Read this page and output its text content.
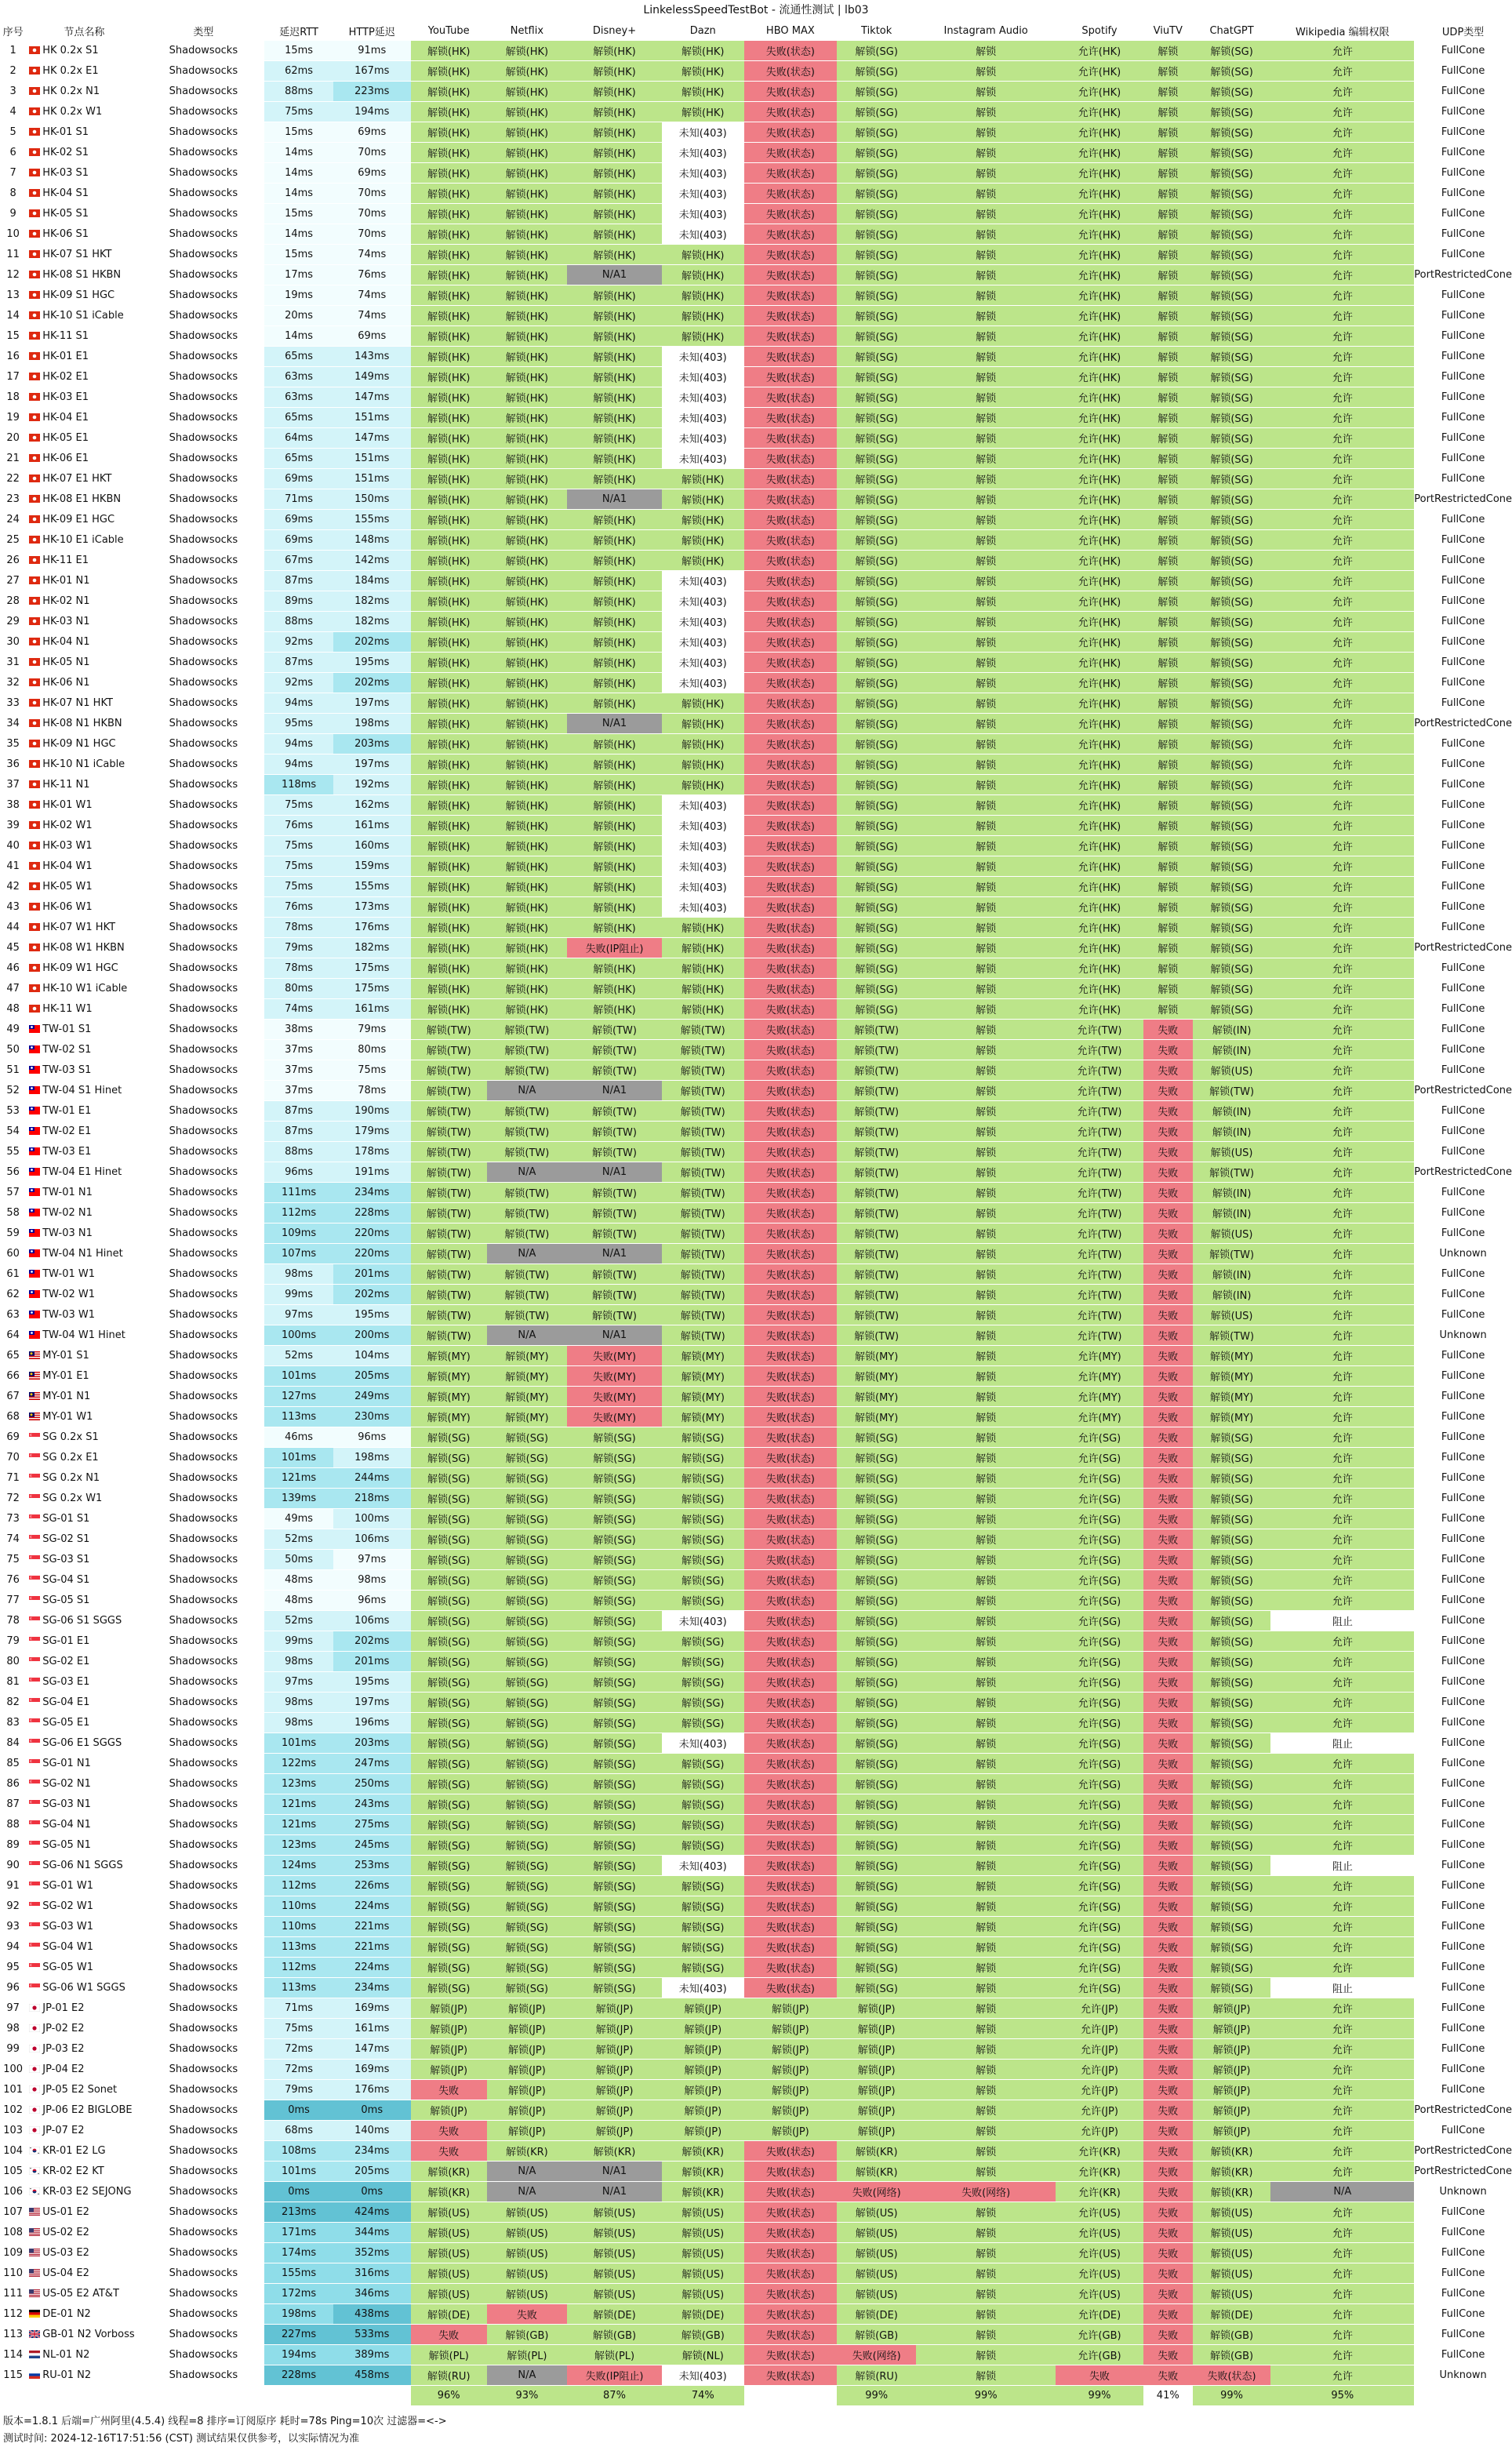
LinkelessSpeedTestBot - 流通性测试 | lb03
序号	节点名称	类型	延迟RTT	HTTP延迟	YouTube	Netflix	Disney+	Dazn	HBO MAX	Tiktok	Instagram Audio	Spotify	ViuTV	ChatGPT	Wikipedia 编辑权限	UDP类型
1	HK 0.2x S1	Shadowsocks	15ms	91ms	解锁(HK)	解锁(HK)	解锁(HK)	解锁(HK)	失败(状态)	解锁(SG)	解锁	允许(HK)	解锁	解锁(SG)	允许	FullCone
2	HK 0.2x E1	Shadowsocks	62ms	167ms	解锁(HK)	解锁(HK)	解锁(HK)	解锁(HK)	失败(状态)	解锁(SG)	解锁	允许(HK)	解锁	解锁(SG)	允许	FullCone
3	HK 0.2x N1	Shadowsocks	88ms	223ms	解锁(HK)	解锁(HK)	解锁(HK)	解锁(HK)	失败(状态)	解锁(SG)	解锁	允许(HK)	解锁	解锁(SG)	允许	FullCone
4	HK 0.2x W1	Shadowsocks	75ms	194ms	解锁(HK)	解锁(HK)	解锁(HK)	解锁(HK)	失败(状态)	解锁(SG)	解锁	允许(HK)	解锁	解锁(SG)	允许	FullCone
5	HK-01 S1	Shadowsocks	15ms	69ms	解锁(HK)	解锁(HK)	解锁(HK)	未知(403)	失败(状态)	解锁(SG)	解锁	允许(HK)	解锁	解锁(SG)	允许	FullCone
6	HK-02 S1	Shadowsocks	14ms	70ms	解锁(HK)	解锁(HK)	解锁(HK)	未知(403)	失败(状态)	解锁(SG)	解锁	允许(HK)	解锁	解锁(SG)	允许	FullCone
7	HK-03 S1	Shadowsocks	14ms	69ms	解锁(HK)	解锁(HK)	解锁(HK)	未知(403)	失败(状态)	解锁(SG)	解锁	允许(HK)	解锁	解锁(SG)	允许	FullCone
8	HK-04 S1	Shadowsocks	14ms	70ms	解锁(HK)	解锁(HK)	解锁(HK)	未知(403)	失败(状态)	解锁(SG)	解锁	允许(HK)	解锁	解锁(SG)	允许	FullCone
9	HK-05 S1	Shadowsocks	15ms	70ms	解锁(HK)	解锁(HK)	解锁(HK)	未知(403)	失败(状态)	解锁(SG)	解锁	允许(HK)	解锁	解锁(SG)	允许	FullCone
10	HK-06 S1	Shadowsocks	14ms	70ms	解锁(HK)	解锁(HK)	解锁(HK)	未知(403)	失败(状态)	解锁(SG)	解锁	允许(HK)	解锁	解锁(SG)	允许	FullCone
11	HK-07 S1 HKT	Shadowsocks	15ms	74ms	解锁(HK)	解锁(HK)	解锁(HK)	解锁(HK)	失败(状态)	解锁(SG)	解锁	允许(HK)	解锁	解锁(SG)	允许	FullCone
12	HK-08 S1 HKBN	Shadowsocks	17ms	76ms	解锁(HK)	解锁(HK)	N/A1	解锁(HK)	失败(状态)	解锁(SG)	解锁	允许(HK)	解锁	解锁(SG)	允许	PortRestrictedCone
13	HK-09 S1 HGC	Shadowsocks	19ms	74ms	解锁(HK)	解锁(HK)	解锁(HK)	解锁(HK)	失败(状态)	解锁(SG)	解锁	允许(HK)	解锁	解锁(SG)	允许	FullCone
14	HK-10 S1 iCable	Shadowsocks	20ms	74ms	解锁(HK)	解锁(HK)	解锁(HK)	解锁(HK)	失败(状态)	解锁(SG)	解锁	允许(HK)	解锁	解锁(SG)	允许	FullCone
15	HK-11 S1	Shadowsocks	14ms	69ms	解锁(HK)	解锁(HK)	解锁(HK)	解锁(HK)	失败(状态)	解锁(SG)	解锁	允许(HK)	解锁	解锁(SG)	允许	FullCone
16	HK-01 E1	Shadowsocks	65ms	143ms	解锁(HK)	解锁(HK)	解锁(HK)	未知(403)	失败(状态)	解锁(SG)	解锁	允许(HK)	解锁	解锁(SG)	允许	FullCone
17	HK-02 E1	Shadowsocks	63ms	149ms	解锁(HK)	解锁(HK)	解锁(HK)	未知(403)	失败(状态)	解锁(SG)	解锁	允许(HK)	解锁	解锁(SG)	允许	FullCone
18	HK-03 E1	Shadowsocks	63ms	147ms	解锁(HK)	解锁(HK)	解锁(HK)	未知(403)	失败(状态)	解锁(SG)	解锁	允许(HK)	解锁	解锁(SG)	允许	FullCone
19	HK-04 E1	Shadowsocks	65ms	151ms	解锁(HK)	解锁(HK)	解锁(HK)	未知(403)	失败(状态)	解锁(SG)	解锁	允许(HK)	解锁	解锁(SG)	允许	FullCone
20	HK-05 E1	Shadowsocks	64ms	147ms	解锁(HK)	解锁(HK)	解锁(HK)	未知(403)	失败(状态)	解锁(SG)	解锁	允许(HK)	解锁	解锁(SG)	允许	FullCone
21	HK-06 E1	Shadowsocks	65ms	151ms	解锁(HK)	解锁(HK)	解锁(HK)	未知(403)	失败(状态)	解锁(SG)	解锁	允许(HK)	解锁	解锁(SG)	允许	FullCone
22	HK-07 E1 HKT	Shadowsocks	69ms	151ms	解锁(HK)	解锁(HK)	解锁(HK)	解锁(HK)	失败(状态)	解锁(SG)	解锁	允许(HK)	解锁	解锁(SG)	允许	FullCone
23	HK-08 E1 HKBN	Shadowsocks	71ms	150ms	解锁(HK)	解锁(HK)	N/A1	解锁(HK)	失败(状态)	解锁(SG)	解锁	允许(HK)	解锁	解锁(SG)	允许	PortRestrictedCone
24	HK-09 E1 HGC	Shadowsocks	69ms	155ms	解锁(HK)	解锁(HK)	解锁(HK)	解锁(HK)	失败(状态)	解锁(SG)	解锁	允许(HK)	解锁	解锁(SG)	允许	FullCone
25	HK-10 E1 iCable	Shadowsocks	69ms	148ms	解锁(HK)	解锁(HK)	解锁(HK)	解锁(HK)	失败(状态)	解锁(SG)	解锁	允许(HK)	解锁	解锁(SG)	允许	FullCone
26	HK-11 E1	Shadowsocks	67ms	142ms	解锁(HK)	解锁(HK)	解锁(HK)	解锁(HK)	失败(状态)	解锁(SG)	解锁	允许(HK)	解锁	解锁(SG)	允许	FullCone
27	HK-01 N1	Shadowsocks	87ms	184ms	解锁(HK)	解锁(HK)	解锁(HK)	未知(403)	失败(状态)	解锁(SG)	解锁	允许(HK)	解锁	解锁(SG)	允许	FullCone
28	HK-02 N1	Shadowsocks	89ms	182ms	解锁(HK)	解锁(HK)	解锁(HK)	未知(403)	失败(状态)	解锁(SG)	解锁	允许(HK)	解锁	解锁(SG)	允许	FullCone
29	HK-03 N1	Shadowsocks	88ms	182ms	解锁(HK)	解锁(HK)	解锁(HK)	未知(403)	失败(状态)	解锁(SG)	解锁	允许(HK)	解锁	解锁(SG)	允许	FullCone
30	HK-04 N1	Shadowsocks	92ms	202ms	解锁(HK)	解锁(HK)	解锁(HK)	未知(403)	失败(状态)	解锁(SG)	解锁	允许(HK)	解锁	解锁(SG)	允许	FullCone
31	HK-05 N1	Shadowsocks	87ms	195ms	解锁(HK)	解锁(HK)	解锁(HK)	未知(403)	失败(状态)	解锁(SG)	解锁	允许(HK)	解锁	解锁(SG)	允许	FullCone
32	HK-06 N1	Shadowsocks	92ms	202ms	解锁(HK)	解锁(HK)	解锁(HK)	未知(403)	失败(状态)	解锁(SG)	解锁	允许(HK)	解锁	解锁(SG)	允许	FullCone
33	HK-07 N1 HKT	Shadowsocks	94ms	197ms	解锁(HK)	解锁(HK)	解锁(HK)	解锁(HK)	失败(状态)	解锁(SG)	解锁	允许(HK)	解锁	解锁(SG)	允许	FullCone
34	HK-08 N1 HKBN	Shadowsocks	95ms	198ms	解锁(HK)	解锁(HK)	N/A1	解锁(HK)	失败(状态)	解锁(SG)	解锁	允许(HK)	解锁	解锁(SG)	允许	PortRestrictedCone
35	HK-09 N1 HGC	Shadowsocks	94ms	203ms	解锁(HK)	解锁(HK)	解锁(HK)	解锁(HK)	失败(状态)	解锁(SG)	解锁	允许(HK)	解锁	解锁(SG)	允许	FullCone
36	HK-10 N1 iCable	Shadowsocks	94ms	197ms	解锁(HK)	解锁(HK)	解锁(HK)	解锁(HK)	失败(状态)	解锁(SG)	解锁	允许(HK)	解锁	解锁(SG)	允许	FullCone
37	HK-11 N1	Shadowsocks	118ms	192ms	解锁(HK)	解锁(HK)	解锁(HK)	解锁(HK)	失败(状态)	解锁(SG)	解锁	允许(HK)	解锁	解锁(SG)	允许	FullCone
38	HK-01 W1	Shadowsocks	75ms	162ms	解锁(HK)	解锁(HK)	解锁(HK)	未知(403)	失败(状态)	解锁(SG)	解锁	允许(HK)	解锁	解锁(SG)	允许	FullCone
39	HK-02 W1	Shadowsocks	76ms	161ms	解锁(HK)	解锁(HK)	解锁(HK)	未知(403)	失败(状态)	解锁(SG)	解锁	允许(HK)	解锁	解锁(SG)	允许	FullCone
40	HK-03 W1	Shadowsocks	75ms	160ms	解锁(HK)	解锁(HK)	解锁(HK)	未知(403)	失败(状态)	解锁(SG)	解锁	允许(HK)	解锁	解锁(SG)	允许	FullCone
41	HK-04 W1	Shadowsocks	75ms	159ms	解锁(HK)	解锁(HK)	解锁(HK)	未知(403)	失败(状态)	解锁(SG)	解锁	允许(HK)	解锁	解锁(SG)	允许	FullCone
42	HK-05 W1	Shadowsocks	75ms	155ms	解锁(HK)	解锁(HK)	解锁(HK)	未知(403)	失败(状态)	解锁(SG)	解锁	允许(HK)	解锁	解锁(SG)	允许	FullCone
43	HK-06 W1	Shadowsocks	76ms	173ms	解锁(HK)	解锁(HK)	解锁(HK)	未知(403)	失败(状态)	解锁(SG)	解锁	允许(HK)	解锁	解锁(SG)	允许	FullCone
44	HK-07 W1 HKT	Shadowsocks	78ms	176ms	解锁(HK)	解锁(HK)	解锁(HK)	解锁(HK)	失败(状态)	解锁(SG)	解锁	允许(HK)	解锁	解锁(SG)	允许	FullCone
45	HK-08 W1 HKBN	Shadowsocks	79ms	182ms	解锁(HK)	解锁(HK)	失败(IP阻止)	解锁(HK)	失败(状态)	解锁(SG)	解锁	允许(HK)	解锁	解锁(SG)	允许	PortRestrictedCone
46	HK-09 W1 HGC	Shadowsocks	78ms	175ms	解锁(HK)	解锁(HK)	解锁(HK)	解锁(HK)	失败(状态)	解锁(SG)	解锁	允许(HK)	解锁	解锁(SG)	允许	FullCone
47	HK-10 W1 iCable	Shadowsocks	80ms	175ms	解锁(HK)	解锁(HK)	解锁(HK)	解锁(HK)	失败(状态)	解锁(SG)	解锁	允许(HK)	解锁	解锁(SG)	允许	FullCone
48	HK-11 W1	Shadowsocks	74ms	161ms	解锁(HK)	解锁(HK)	解锁(HK)	解锁(HK)	失败(状态)	解锁(SG)	解锁	允许(HK)	解锁	解锁(SG)	允许	FullCone
49	TW-01 S1	Shadowsocks	38ms	79ms	解锁(TW)	解锁(TW)	解锁(TW)	解锁(TW)	失败(状态)	解锁(TW)	解锁	允许(TW)	失败	解锁(IN)	允许	FullCone
50	TW-02 S1	Shadowsocks	37ms	80ms	解锁(TW)	解锁(TW)	解锁(TW)	解锁(TW)	失败(状态)	解锁(TW)	解锁	允许(TW)	失败	解锁(IN)	允许	FullCone
51	TW-03 S1	Shadowsocks	37ms	75ms	解锁(TW)	解锁(TW)	解锁(TW)	解锁(TW)	失败(状态)	解锁(TW)	解锁	允许(TW)	失败	解锁(US)	允许	FullCone
52	TW-04 S1 Hinet	Shadowsocks	37ms	78ms	解锁(TW)	N/A	N/A1	解锁(TW)	失败(状态)	解锁(TW)	解锁	允许(TW)	失败	解锁(TW)	允许	PortRestrictedCone
53	TW-01 E1	Shadowsocks	87ms	190ms	解锁(TW)	解锁(TW)	解锁(TW)	解锁(TW)	失败(状态)	解锁(TW)	解锁	允许(TW)	失败	解锁(IN)	允许	FullCone
54	TW-02 E1	Shadowsocks	87ms	179ms	解锁(TW)	解锁(TW)	解锁(TW)	解锁(TW)	失败(状态)	解锁(TW)	解锁	允许(TW)	失败	解锁(IN)	允许	FullCone
55	TW-03 E1	Shadowsocks	88ms	178ms	解锁(TW)	解锁(TW)	解锁(TW)	解锁(TW)	失败(状态)	解锁(TW)	解锁	允许(TW)	失败	解锁(US)	允许	FullCone
56	TW-04 E1 Hinet	Shadowsocks	96ms	191ms	解锁(TW)	N/A	N/A1	解锁(TW)	失败(状态)	解锁(TW)	解锁	允许(TW)	失败	解锁(TW)	允许	PortRestrictedCone
57	TW-01 N1	Shadowsocks	111ms	234ms	解锁(TW)	解锁(TW)	解锁(TW)	解锁(TW)	失败(状态)	解锁(TW)	解锁	允许(TW)	失败	解锁(IN)	允许	FullCone
58	TW-02 N1	Shadowsocks	112ms	228ms	解锁(TW)	解锁(TW)	解锁(TW)	解锁(TW)	失败(状态)	解锁(TW)	解锁	允许(TW)	失败	解锁(IN)	允许	FullCone
59	TW-03 N1	Shadowsocks	109ms	220ms	解锁(TW)	解锁(TW)	解锁(TW)	解锁(TW)	失败(状态)	解锁(TW)	解锁	允许(TW)	失败	解锁(US)	允许	FullCone
60	TW-04 N1 Hinet	Shadowsocks	107ms	220ms	解锁(TW)	N/A	N/A1	解锁(TW)	失败(状态)	解锁(TW)	解锁	允许(TW)	失败	解锁(TW)	允许	Unknown
61	TW-01 W1	Shadowsocks	98ms	201ms	解锁(TW)	解锁(TW)	解锁(TW)	解锁(TW)	失败(状态)	解锁(TW)	解锁	允许(TW)	失败	解锁(IN)	允许	FullCone
62	TW-02 W1	Shadowsocks	99ms	202ms	解锁(TW)	解锁(TW)	解锁(TW)	解锁(TW)	失败(状态)	解锁(TW)	解锁	允许(TW)	失败	解锁(IN)	允许	FullCone
63	TW-03 W1	Shadowsocks	97ms	195ms	解锁(TW)	解锁(TW)	解锁(TW)	解锁(TW)	失败(状态)	解锁(TW)	解锁	允许(TW)	失败	解锁(US)	允许	FullCone
64	TW-04 W1 Hinet	Shadowsocks	100ms	200ms	解锁(TW)	N/A	N/A1	解锁(TW)	失败(状态)	解锁(TW)	解锁	允许(TW)	失败	解锁(TW)	允许	Unknown
65	MY-01 S1	Shadowsocks	52ms	104ms	解锁(MY)	解锁(MY)	失败(MY)	解锁(MY)	失败(状态)	解锁(MY)	解锁	允许(MY)	失败	解锁(MY)	允许	FullCone
66	MY-01 E1	Shadowsocks	101ms	205ms	解锁(MY)	解锁(MY)	失败(MY)	解锁(MY)	失败(状态)	解锁(MY)	解锁	允许(MY)	失败	解锁(MY)	允许	FullCone
67	MY-01 N1	Shadowsocks	127ms	249ms	解锁(MY)	解锁(MY)	失败(MY)	解锁(MY)	失败(状态)	解锁(MY)	解锁	允许(MY)	失败	解锁(MY)	允许	FullCone
68	MY-01 W1	Shadowsocks	113ms	230ms	解锁(MY)	解锁(MY)	失败(MY)	解锁(MY)	失败(状态)	解锁(MY)	解锁	允许(MY)	失败	解锁(MY)	允许	FullCone
69	SG 0.2x S1	Shadowsocks	46ms	96ms	解锁(SG)	解锁(SG)	解锁(SG)	解锁(SG)	失败(状态)	解锁(SG)	解锁	允许(SG)	失败	解锁(SG)	允许	FullCone
70	SG 0.2x E1	Shadowsocks	101ms	198ms	解锁(SG)	解锁(SG)	解锁(SG)	解锁(SG)	失败(状态)	解锁(SG)	解锁	允许(SG)	失败	解锁(SG)	允许	FullCone
71	SG 0.2x N1	Shadowsocks	121ms	244ms	解锁(SG)	解锁(SG)	解锁(SG)	解锁(SG)	失败(状态)	解锁(SG)	解锁	允许(SG)	失败	解锁(SG)	允许	FullCone
72	SG 0.2x W1	Shadowsocks	139ms	218ms	解锁(SG)	解锁(SG)	解锁(SG)	解锁(SG)	失败(状态)	解锁(SG)	解锁	允许(SG)	失败	解锁(SG)	允许	FullCone
73	SG-01 S1	Shadowsocks	49ms	100ms	解锁(SG)	解锁(SG)	解锁(SG)	解锁(SG)	失败(状态)	解锁(SG)	解锁	允许(SG)	失败	解锁(SG)	允许	FullCone
74	SG-02 S1	Shadowsocks	52ms	106ms	解锁(SG)	解锁(SG)	解锁(SG)	解锁(SG)	失败(状态)	解锁(SG)	解锁	允许(SG)	失败	解锁(SG)	允许	FullCone
75	SG-03 S1	Shadowsocks	50ms	97ms	解锁(SG)	解锁(SG)	解锁(SG)	解锁(SG)	失败(状态)	解锁(SG)	解锁	允许(SG)	失败	解锁(SG)	允许	FullCone
76	SG-04 S1	Shadowsocks	48ms	98ms	解锁(SG)	解锁(SG)	解锁(SG)	解锁(SG)	失败(状态)	解锁(SG)	解锁	允许(SG)	失败	解锁(SG)	允许	FullCone
77	SG-05 S1	Shadowsocks	48ms	96ms	解锁(SG)	解锁(SG)	解锁(SG)	解锁(SG)	失败(状态)	解锁(SG)	解锁	允许(SG)	失败	解锁(SG)	允许	FullCone
78	SG-06 S1 SGGS	Shadowsocks	52ms	106ms	解锁(SG)	解锁(SG)	解锁(SG)	未知(403)	失败(状态)	解锁(SG)	解锁	允许(SG)	失败	解锁(SG)	阻止	FullCone
79	SG-01 E1	Shadowsocks	99ms	202ms	解锁(SG)	解锁(SG)	解锁(SG)	解锁(SG)	失败(状态)	解锁(SG)	解锁	允许(SG)	失败	解锁(SG)	允许	FullCone
80	SG-02 E1	Shadowsocks	98ms	201ms	解锁(SG)	解锁(SG)	解锁(SG)	解锁(SG)	失败(状态)	解锁(SG)	解锁	允许(SG)	失败	解锁(SG)	允许	FullCone
81	SG-03 E1	Shadowsocks	97ms	195ms	解锁(SG)	解锁(SG)	解锁(SG)	解锁(SG)	失败(状态)	解锁(SG)	解锁	允许(SG)	失败	解锁(SG)	允许	FullCone
82	SG-04 E1	Shadowsocks	98ms	197ms	解锁(SG)	解锁(SG)	解锁(SG)	解锁(SG)	失败(状态)	解锁(SG)	解锁	允许(SG)	失败	解锁(SG)	允许	FullCone
83	SG-05 E1	Shadowsocks	98ms	196ms	解锁(SG)	解锁(SG)	解锁(SG)	解锁(SG)	失败(状态)	解锁(SG)	解锁	允许(SG)	失败	解锁(SG)	允许	FullCone
84	SG-06 E1 SGGS	Shadowsocks	101ms	203ms	解锁(SG)	解锁(SG)	解锁(SG)	未知(403)	失败(状态)	解锁(SG)	解锁	允许(SG)	失败	解锁(SG)	阻止	FullCone
85	SG-01 N1	Shadowsocks	122ms	247ms	解锁(SG)	解锁(SG)	解锁(SG)	解锁(SG)	失败(状态)	解锁(SG)	解锁	允许(SG)	失败	解锁(SG)	允许	FullCone
86	SG-02 N1	Shadowsocks	123ms	250ms	解锁(SG)	解锁(SG)	解锁(SG)	解锁(SG)	失败(状态)	解锁(SG)	解锁	允许(SG)	失败	解锁(SG)	允许	FullCone
87	SG-03 N1	Shadowsocks	121ms	243ms	解锁(SG)	解锁(SG)	解锁(SG)	解锁(SG)	失败(状态)	解锁(SG)	解锁	允许(SG)	失败	解锁(SG)	允许	FullCone
88	SG-04 N1	Shadowsocks	121ms	275ms	解锁(SG)	解锁(SG)	解锁(SG)	解锁(SG)	失败(状态)	解锁(SG)	解锁	允许(SG)	失败	解锁(SG)	允许	FullCone
89	SG-05 N1	Shadowsocks	123ms	245ms	解锁(SG)	解锁(SG)	解锁(SG)	解锁(SG)	失败(状态)	解锁(SG)	解锁	允许(SG)	失败	解锁(SG)	允许	FullCone
90	SG-06 N1 SGGS	Shadowsocks	124ms	253ms	解锁(SG)	解锁(SG)	解锁(SG)	未知(403)	失败(状态)	解锁(SG)	解锁	允许(SG)	失败	解锁(SG)	阻止	FullCone
91	SG-01 W1	Shadowsocks	112ms	226ms	解锁(SG)	解锁(SG)	解锁(SG)	解锁(SG)	失败(状态)	解锁(SG)	解锁	允许(SG)	失败	解锁(SG)	允许	FullCone
92	SG-02 W1	Shadowsocks	110ms	224ms	解锁(SG)	解锁(SG)	解锁(SG)	解锁(SG)	失败(状态)	解锁(SG)	解锁	允许(SG)	失败	解锁(SG)	允许	FullCone
93	SG-03 W1	Shadowsocks	110ms	221ms	解锁(SG)	解锁(SG)	解锁(SG)	解锁(SG)	失败(状态)	解锁(SG)	解锁	允许(SG)	失败	解锁(SG)	允许	FullCone
94	SG-04 W1	Shadowsocks	113ms	221ms	解锁(SG)	解锁(SG)	解锁(SG)	解锁(SG)	失败(状态)	解锁(SG)	解锁	允许(SG)	失败	解锁(SG)	允许	FullCone
95	SG-05 W1	Shadowsocks	112ms	224ms	解锁(SG)	解锁(SG)	解锁(SG)	解锁(SG)	失败(状态)	解锁(SG)	解锁	允许(SG)	失败	解锁(SG)	允许	FullCone
96	SG-06 W1 SGGS	Shadowsocks	113ms	234ms	解锁(SG)	解锁(SG)	解锁(SG)	未知(403)	失败(状态)	解锁(SG)	解锁	允许(SG)	失败	解锁(SG)	阻止	FullCone
97	JP-01 E2	Shadowsocks	71ms	169ms	解锁(JP)	解锁(JP)	解锁(JP)	解锁(JP)	解锁(JP)	解锁(JP)	解锁	允许(JP)	失败	解锁(JP)	允许	FullCone
98	JP-02 E2	Shadowsocks	75ms	161ms	解锁(JP)	解锁(JP)	解锁(JP)	解锁(JP)	解锁(JP)	解锁(JP)	解锁	允许(JP)	失败	解锁(JP)	允许	FullCone
99	JP-03 E2	Shadowsocks	72ms	147ms	解锁(JP)	解锁(JP)	解锁(JP)	解锁(JP)	解锁(JP)	解锁(JP)	解锁	允许(JP)	失败	解锁(JP)	允许	FullCone
100	JP-04 E2	Shadowsocks	72ms	169ms	解锁(JP)	解锁(JP)	解锁(JP)	解锁(JP)	解锁(JP)	解锁(JP)	解锁	允许(JP)	失败	解锁(JP)	允许	FullCone
101	JP-05 E2 Sonet	Shadowsocks	79ms	176ms	失败	解锁(JP)	解锁(JP)	解锁(JP)	解锁(JP)	解锁(JP)	解锁	允许(JP)	失败	解锁(JP)	允许	FullCone
102	JP-06 E2 BIGLOBE	Shadowsocks	0ms	0ms	解锁(JP)	解锁(JP)	解锁(JP)	解锁(JP)	解锁(JP)	解锁(JP)	解锁	允许(JP)	失败	解锁(JP)	允许	PortRestrictedCone
103	JP-07 E2	Shadowsocks	68ms	140ms	失败	解锁(JP)	解锁(JP)	解锁(JP)	解锁(JP)	解锁(JP)	解锁	允许(JP)	失败	解锁(JP)	允许	FullCone
104	KR-01 E2 LG	Shadowsocks	108ms	234ms	失败	解锁(KR)	解锁(KR)	解锁(KR)	失败(状态)	解锁(KR)	解锁	允许(KR)	失败	解锁(KR)	允许	PortRestrictedCone
105	KR-02 E2 KT	Shadowsocks	101ms	205ms	解锁(KR)	N/A	N/A1	解锁(KR)	失败(状态)	解锁(KR)	解锁	允许(KR)	失败	解锁(KR)	允许	PortRestrictedCone
106	KR-03 E2 SEJONG	Shadowsocks	0ms	0ms	解锁(KR)	N/A	N/A1	解锁(KR)	失败(状态)	失败(网络)	失败(网络)	允许(KR)	失败	解锁(KR)	N/A	Unknown
107	US-01 E2	Shadowsocks	213ms	424ms	解锁(US)	解锁(US)	解锁(US)	解锁(US)	失败(状态)	解锁(US)	解锁	允许(US)	失败	解锁(US)	允许	FullCone
108	US-02 E2	Shadowsocks	171ms	344ms	解锁(US)	解锁(US)	解锁(US)	解锁(US)	失败(状态)	解锁(US)	解锁	允许(US)	失败	解锁(US)	允许	FullCone
109	US-03 E2	Shadowsocks	174ms	352ms	解锁(US)	解锁(US)	解锁(US)	解锁(US)	失败(状态)	解锁(US)	解锁	允许(US)	失败	解锁(US)	允许	FullCone
110	US-04 E2	Shadowsocks	155ms	316ms	解锁(US)	解锁(US)	解锁(US)	解锁(US)	失败(状态)	解锁(US)	解锁	允许(US)	失败	解锁(US)	允许	FullCone
111	US-05 E2 AT&T	Shadowsocks	172ms	346ms	解锁(US)	解锁(US)	解锁(US)	解锁(US)	失败(状态)	解锁(US)	解锁	允许(US)	失败	解锁(US)	允许	FullCone
112	DE-01 N2	Shadowsocks	198ms	438ms	解锁(DE)	失败	解锁(DE)	解锁(DE)	失败(状态)	解锁(DE)	解锁	允许(DE)	失败	解锁(DE)	允许	FullCone
113	GB-01 N2 Vorboss	Shadowsocks	227ms	533ms	失败	解锁(GB)	解锁(GB)	解锁(GB)	失败(状态)	解锁(GB)	解锁	允许(GB)	失败	解锁(GB)	允许	FullCone
114	NL-01 N2	Shadowsocks	194ms	389ms	解锁(PL)	解锁(PL)	解锁(PL)	解锁(NL)	失败(状态)	失败(网络)	解锁	允许(GB)	失败	解锁(GB)	允许	FullCone
115	RU-01 N2	Shadowsocks	228ms	458ms	解锁(RU)	N/A	失败(IP阻止)	未知(403)	失败(状态)	解锁(RU)	解锁	失败	失败	失败(状态)	允许	Unknown
					96%	93%	87%	74%		99%	99%	99%	41%	99%	95%	
版本=1.8.1 后端=广州阿里(4.5.4) 线程=8 排序=订阅原序 耗时=78s Ping=10次 过滤器=<->
测试时间: 2024-12-16T17:51:56 (CST) 测试结果仅供参考，以实际情况为准
